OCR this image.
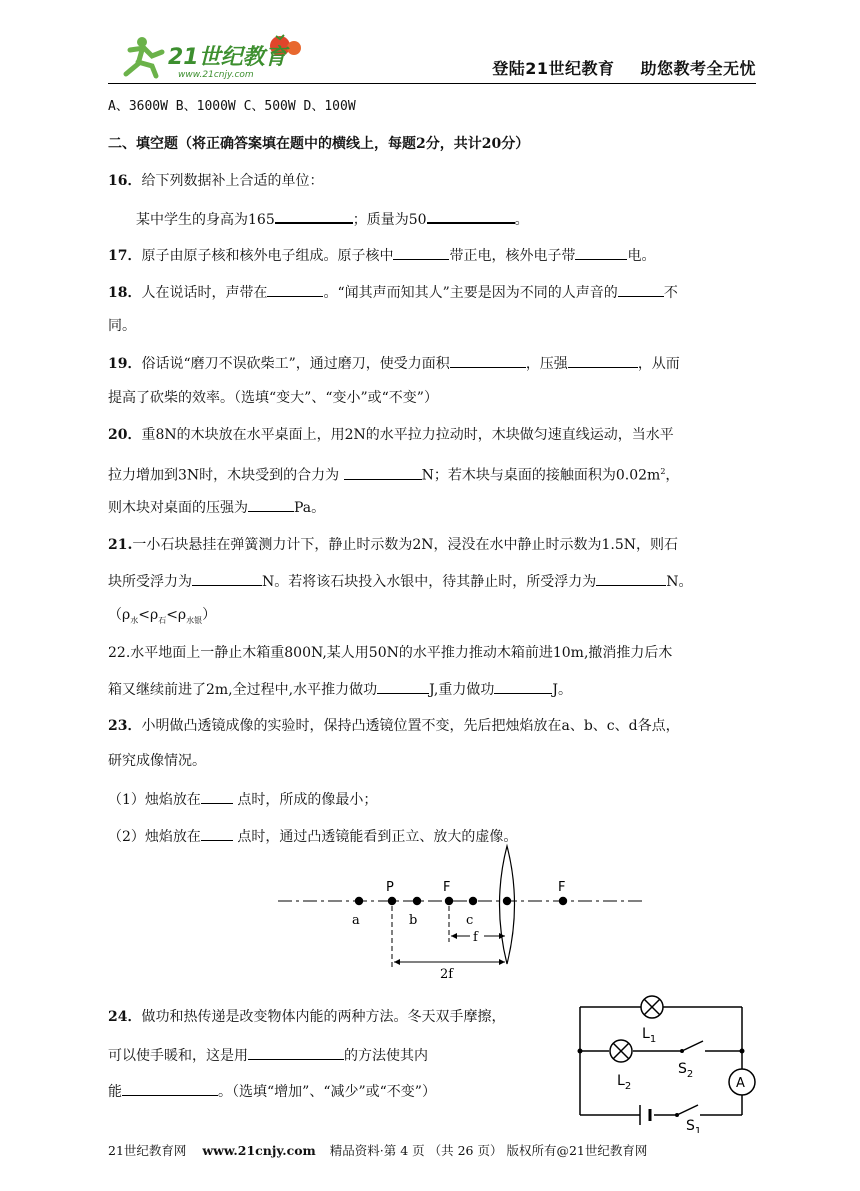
21世纪教育
www.21cnjy.com	登陆21世纪教育 助您教考全无忧
A、3600W B、1000W C、500W D、100W
二、填空题（将正确答案填在题中的横线上，每题2分，共计20分）
16．给下列数据补上合适的单位：
某中学生的身高为165	；质量为50	。
17．原子由原子核和核外电子组成。原子核中	带正电，核外电子带	电。
18．人在说话时，声带在	。“闻其声而知其人”主要是因为不同的人声音的	不
同。
19．俗话说“磨刀不误砍柴工”，通过磨刀，使受力面积	，压强	，从而
提高了砍柴的效率。（选填“变大”、“变小”或“不变”）
20．重8N的木块放在水平桌面上，用2N的水平拉力拉动时，木块做匀速直线运动，当水平
拉力增加到3N时，木块受到的合力为	N；若木块与桌面的接触面积为$0.02m^2$，
则木块对桌面的压强为	Pa。
21.一小石块悬挂在弹簧测力计下，静止时示数为2N，浸没在水中静止时示数为1.5N，则石
块所受浮力为	N。若将该石块投入水银中，待其静止时，所受浮力为	N。
$(\rho_水<\rho_石<\rho_{水银})$
22.水平地面上一静止木箱重800N,某人用50N的水平推力推动木箱前进10m,撤消推力后木
箱又继续前进了2m,全过程中,水平推力做功	J,重力做功	J。
23．小明做凸透镜成像的实验时，保持凸透镜位置不变，先后把烛焰放在a、b、c、d各点，
研究成像情况。
（1）烛焰放在 点时，所成的像最小；
（2）烛焰放在 点时，通过凸透镜能看到正立、放大的虚像。
P	F	F
a	b	c
f
2f
24．做功和热传递是改变物体内能的两种方法。冬天双手摩擦，
可以使手暖和，这是用	的方法使其内
能	。（选填“增加”、“减少”或“不变”）
A
$L_1$
$L_2$
$S_2$
$S_1$
21世纪教育网 www.21cnjy.com 精品资料·第 4 页 （共 26 页） 版权所有@21世纪教育网
